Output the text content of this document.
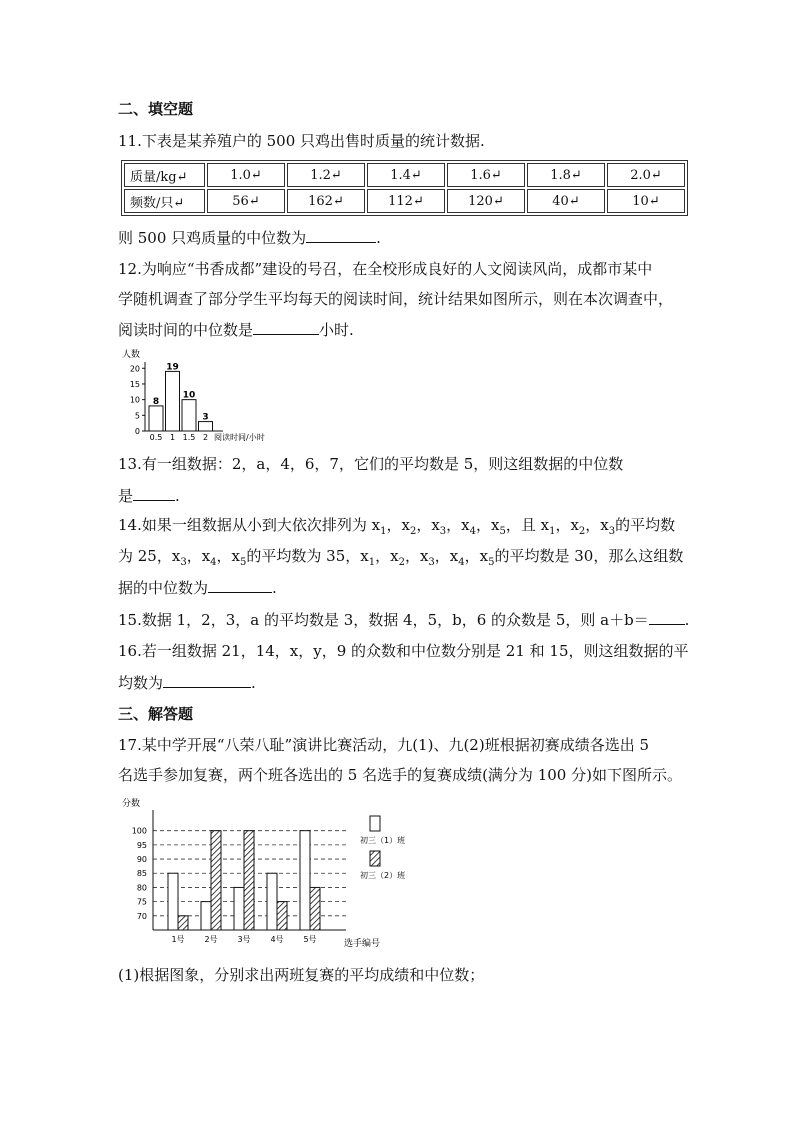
二、填空题
11.下表是某养殖户的 500 只鸡出售时质量的统计数据.
质量/kg↵	1.0↵	1.2↵	1.4↵	1.6↵	1.8↵	2.0↵
频数/只↵	56↵	162↵	112↵	120↵	40↵	10↵
则 500 只鸡质量的中位数为	.
12.为响应“书香成都”建设的号召，在全校形成良好的人文阅读风尚，成都市某中
学随机调查了部分学生平均每天的阅读时间，统计结果如图所示，则在本次调查中，
阅读时间的中位数是	小时.
人数
阅读时间/小时
0
5
10
15
20
8
0.5
19
1
10
1.5
3
2
13.有一组数据：2，a，4，6，7，它们的平均数是 5，则这组数据的中位数
是	.
14.如果一组数据从小到大依次排列为 $x_1$，$x_2$，$x_3$，$x_4$，$x_5$，且 $x_1$，$x_2$，$x_3$的平均数
为 25，$x_3$，$x_4$，$x_5$的平均数为 35，$x_1$，$x_2$，$x_3$，$x_4$，$x_5$的平均数是 30，那么这组数
据的中位数为	.
15.数据 1，2，3，a 的平均数是 3，数据 4，5，b，6 的众数是 5，则 a＋b＝ .
16.若一组数据 21，14，x，y，9 的众数和中位数分别是 21 和 15，则这组数据的平
均数为	.
三、解答题
17.某中学开展“八荣八耻”演讲比赛活动，九(1)、九(2)班根据初赛成绩各选出 5
名选手参加复赛，两个班各选出的 5 名选手的复赛成绩(满分为 100 分)如下图所示。
分数
70
75
80
85
90
95
100
1号 2号 3号 4号 5号	选手编号
初三（1）班
初三（2）班
(1)根据图象，分别求出两班复赛的平均成绩和中位数；
